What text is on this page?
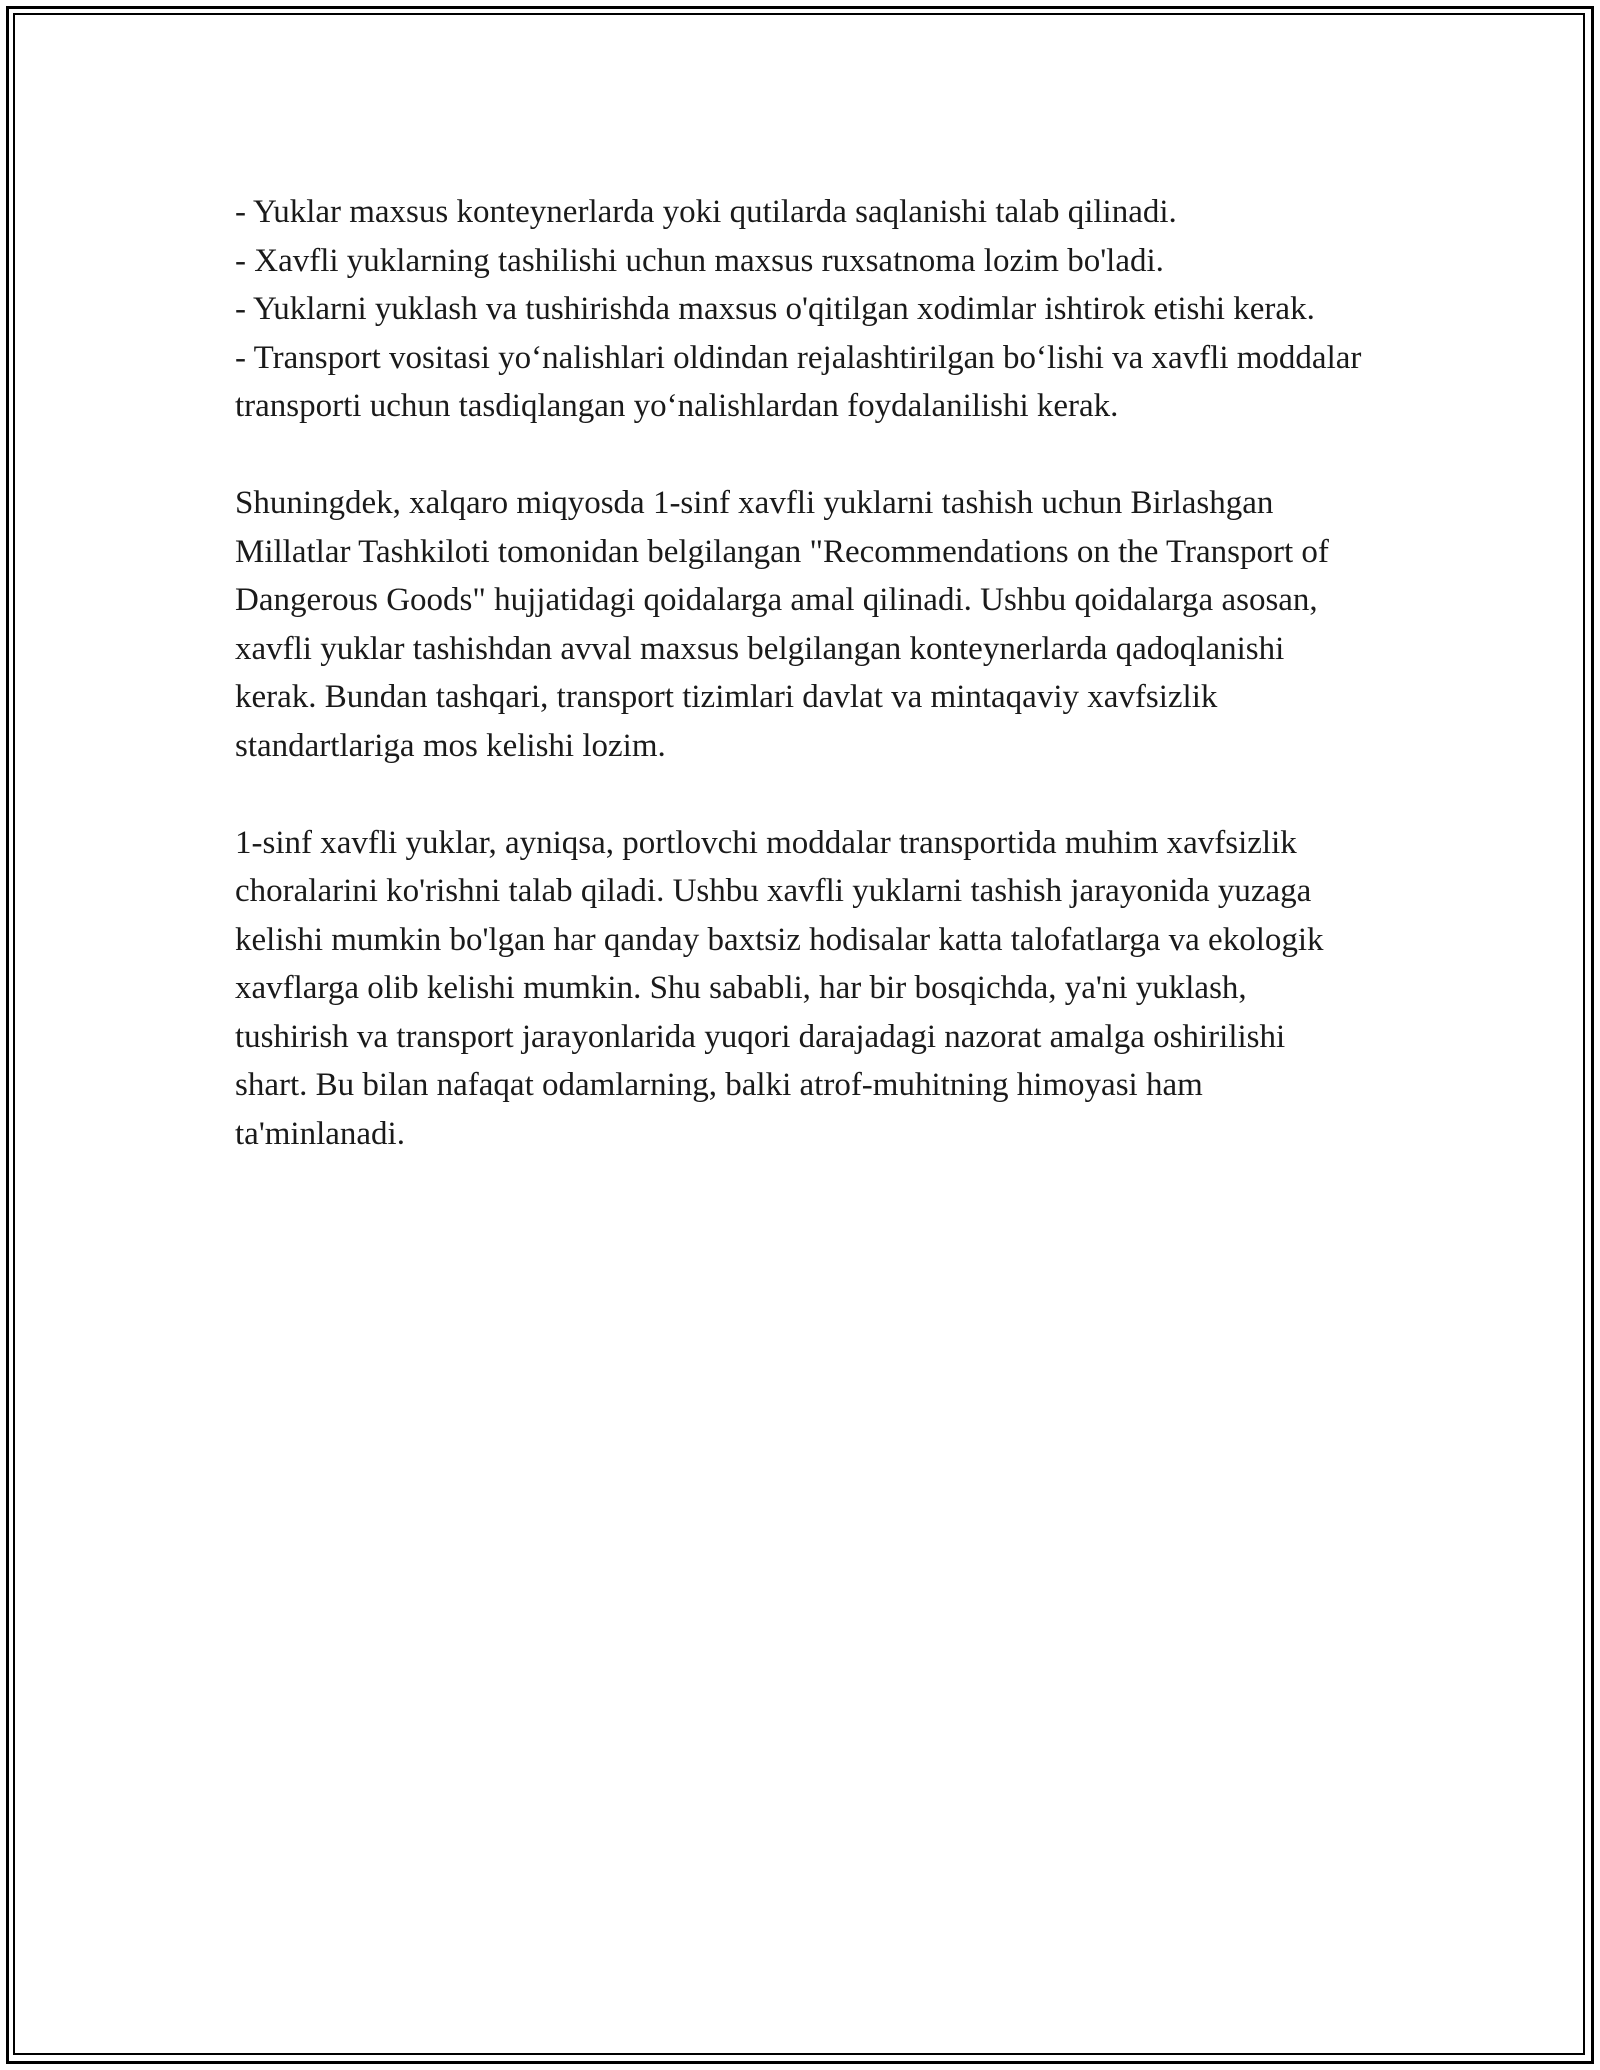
- Yuklar maxsus konteynerlarda yoki qutilarda saqlanishi talab qilinadi.

- Xavfli yuklarning tashilishi uchun maxsus ruxsatnoma lozim bo'ladi.

- Yuklarni yuklash va tushirishda maxsus o'qitilgan xodimlar ishtirok etishi kerak.

- Transport vositasi yoʻnalishlari oldindan rejalashtirilgan boʻlishi va xavfli moddalar transporti uchun tasdiqlangan yoʻnalishlardan foydalanilishi kerak.

Shuningdek, xalqaro miqyosda 1-sinf xavfli yuklarni tashish uchun Birlashgan Millatlar Tashkiloti tomonidan belgilangan "Recommendations on the Transport of Dangerous Goods" hujjatidagi qoidalarga amal qilinadi. Ushbu qoidalarga asosan, xavfli yuklar tashishdan avval maxsus belgilangan konteynerlarda qadoqlanishi kerak. Bundan tashqari, transport tizimlari davlat va mintaqaviy xavfsizlik standartlariga mos kelishi lozim.

1-sinf xavfli yuklar, ayniqsa, portlovchi moddalar transportida muhim xavfsizlik choralarini ko'rishni talab qiladi. Ushbu xavfli yuklarni tashish jarayonida yuzaga kelishi mumkin bo'lgan har qanday baxtsiz hodisalar katta talofatlarga va ekologik xavflarga olib kelishi mumkin. Shu sababli, har bir bosqichda, ya'ni yuklash, tushirish va transport jarayonlarida yuqori darajadagi nazorat amalga oshirilishi shart. Bu bilan nafaqat odamlarning, balki atrof-muhitning himoyasi ham ta'minlanadi.
